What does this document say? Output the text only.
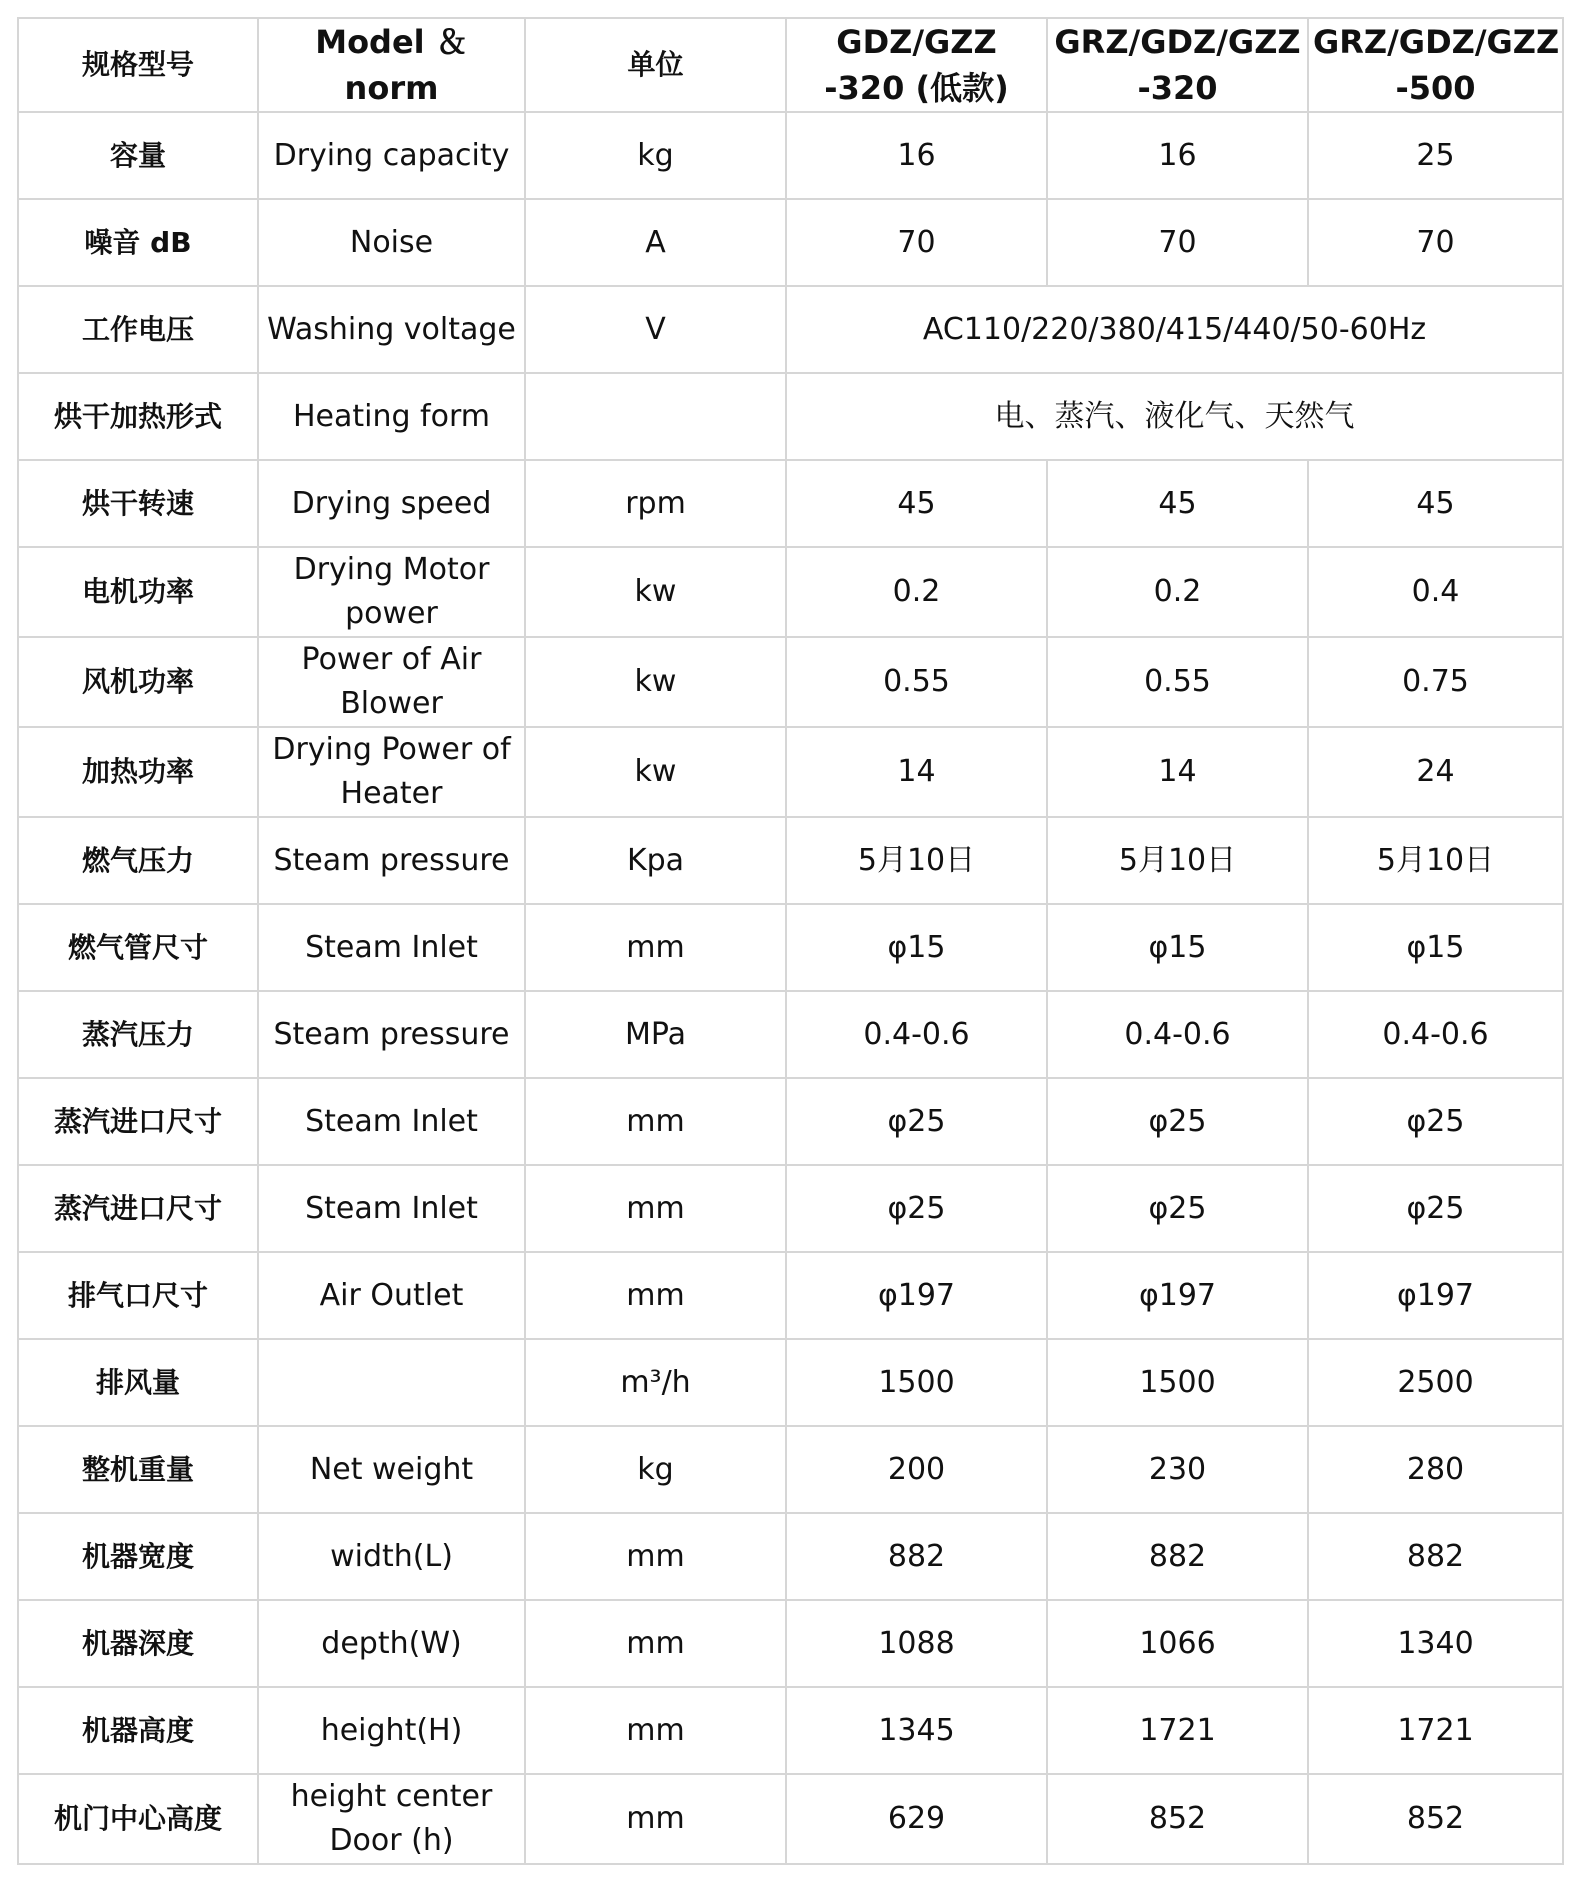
规格型号	Model ＆ norm	单位	GDZ/GZZ -320 (低款)	GRZ/GDZ/GZZ -320	GRZ/GDZ/GZZ -500
容量	Drying capacity	kg	16	16	25
噪音 dB	Noise	A	70	70	70
工作电压	Washing voltage	V	AC110/220/380/415/440/50-60Hz		
烘干加热形式	Heating form		电、蒸汽、液化气、天然气		
烘干转速	Drying speed	rpm	45	45	45
电机功率	Drying Motor power	kw	0.2	0.2	0.4
风机功率	Power of Air Blower	kw	0.55	0.55	0.75
加热功率	Drying Power of Heater	kw	14	14	24
燃气压力	Steam pressure	Kpa	5月10日	5月10日	5月10日
燃气管尺寸	Steam Inlet	mm	φ15	φ15	φ15
蒸汽压力	Steam pressure	MPa	0.4-0.6	0.4-0.6	0.4-0.6
蒸汽进口尺寸	Steam Inlet	mm	φ25	φ25	φ25
蒸汽进口尺寸	Steam Inlet	mm	φ25	φ25	φ25
排气口尺寸	Air Outlet	mm	φ197	φ197	φ197
排风量		m³/h	1500	1500	2500
整机重量	Net weight	kg	200	230	280
机器宽度	width(L)	mm	882	882	882
机器深度	depth(W)	mm	1088	1066	1340
机器高度	height(H)	mm	1345	1721	1721
机门中心高度	height center Door (h)	mm	629	852	852
